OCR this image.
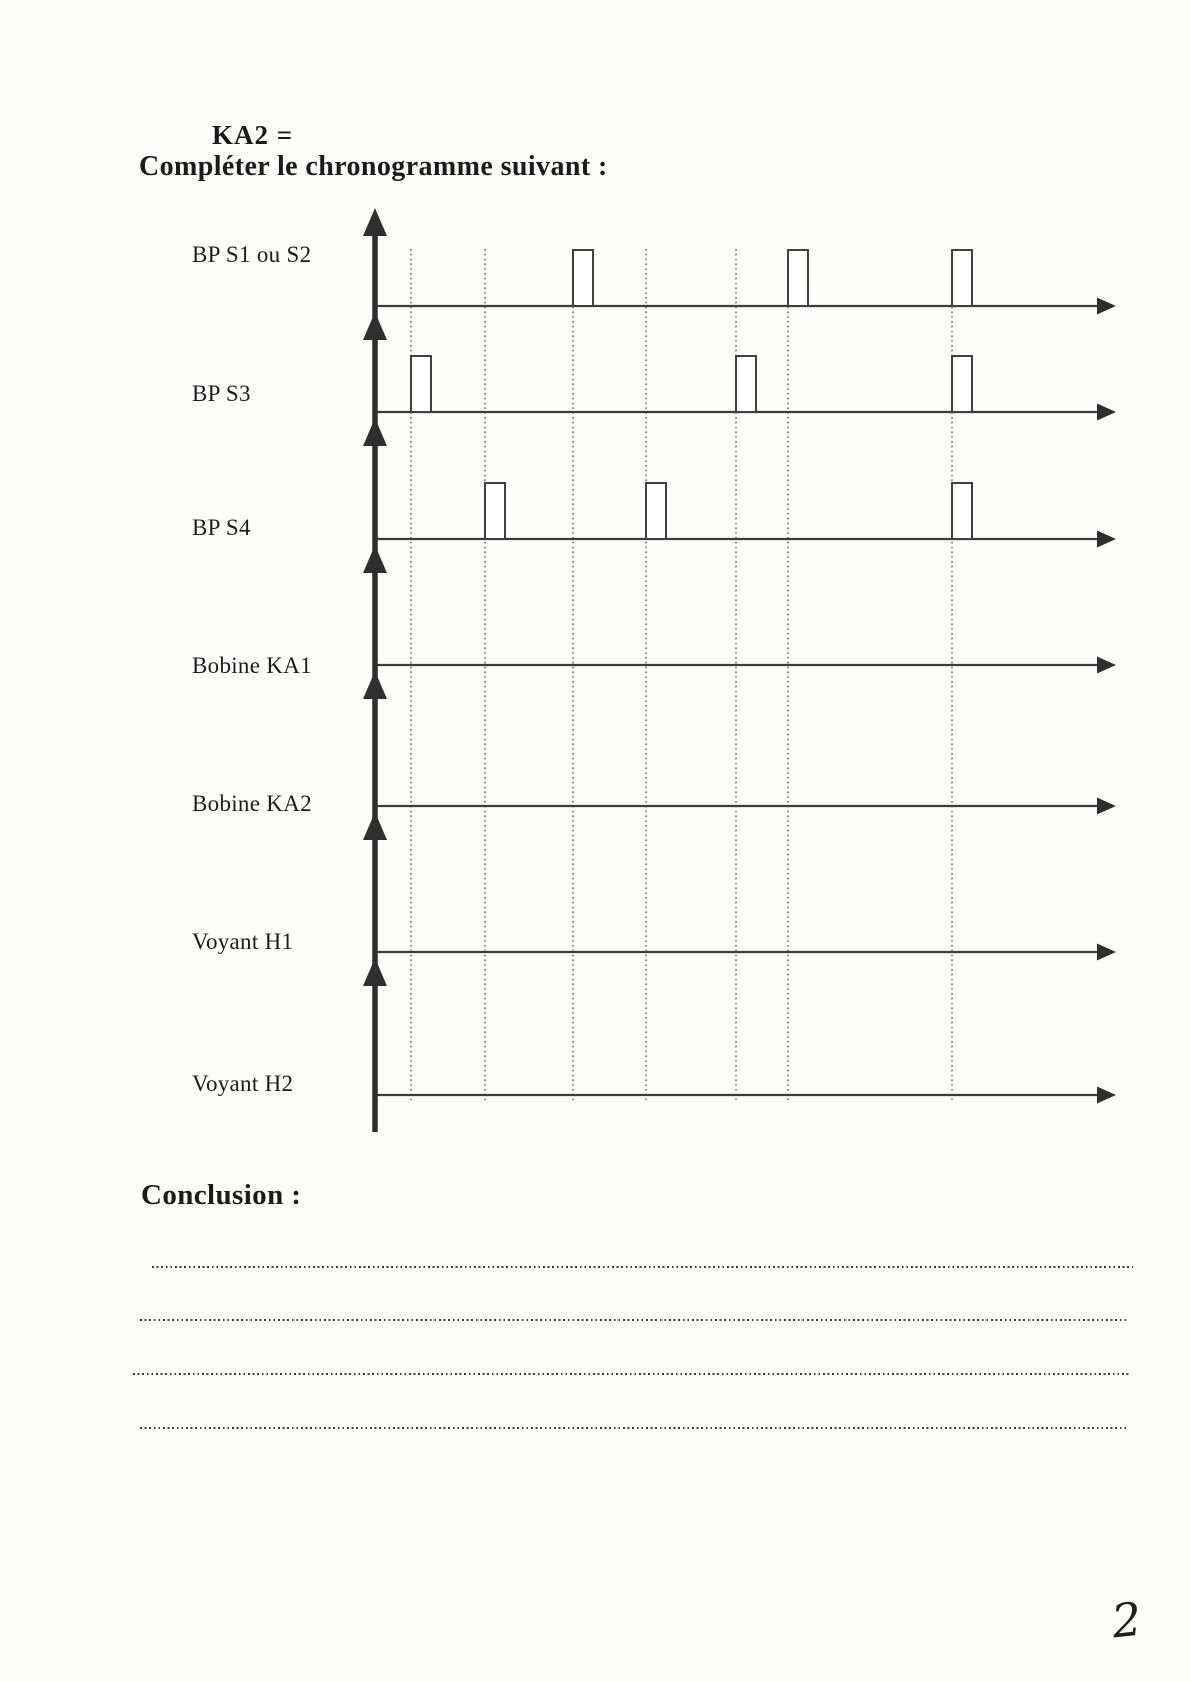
KA2 =
Compléter le chronogramme suivant :
BP S1 ou S2
BP S3
BP S4
Bobine KA1
Bobine KA2
Voyant H1
Voyant H2
Conclusion :
2
